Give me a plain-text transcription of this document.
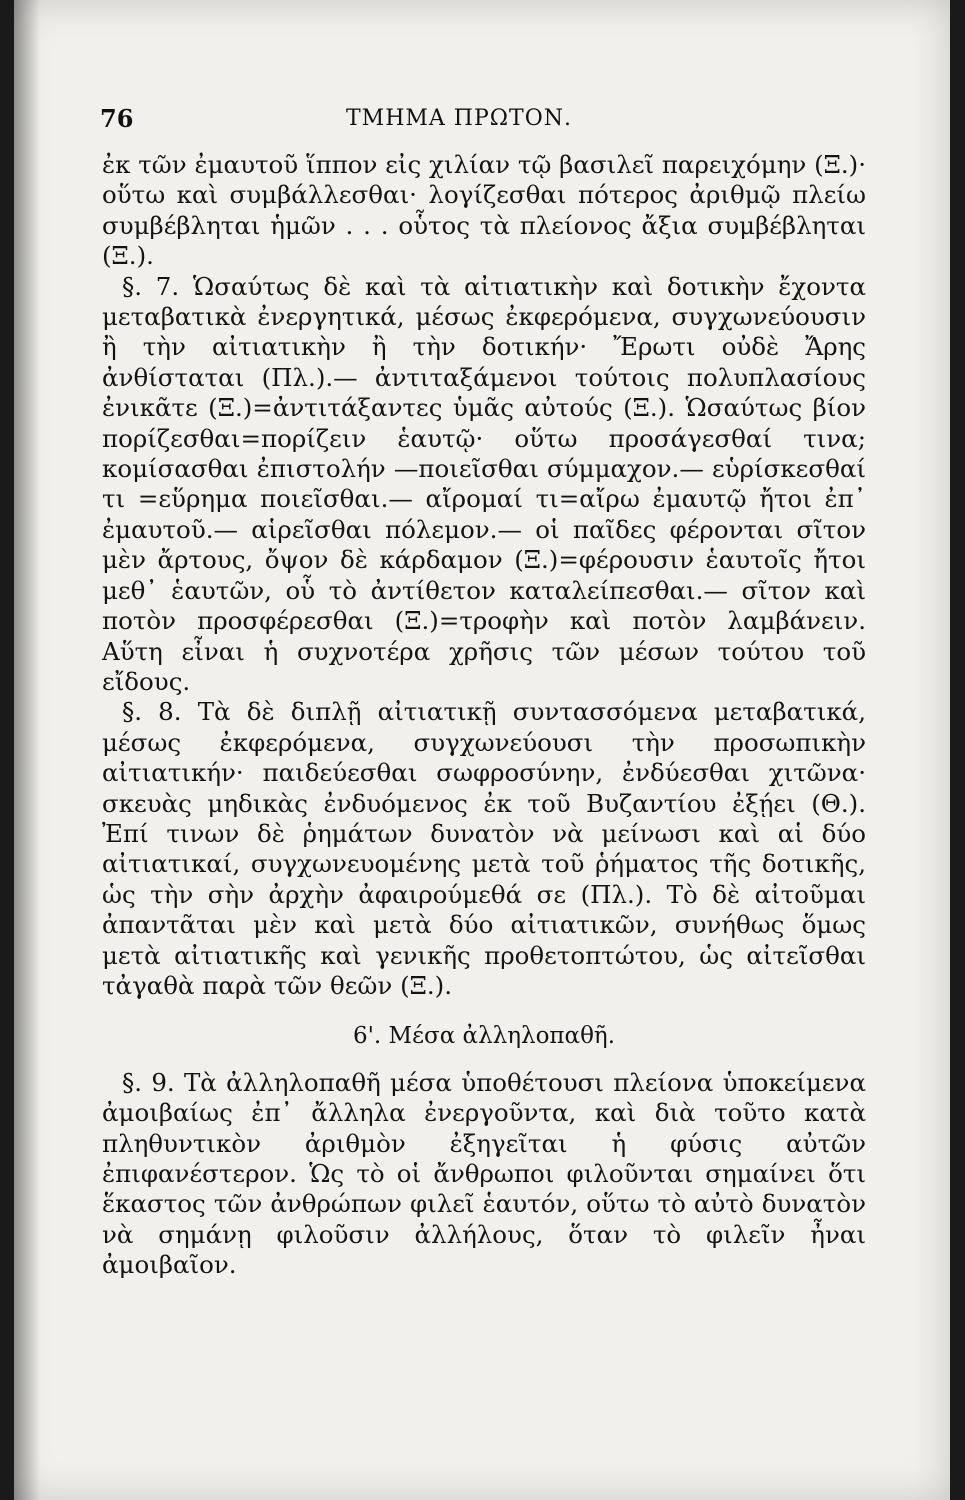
76	ΤΜΗΜΑ ΠΡΩΤΟΝ.

ἐκ τῶν ἐμαυτοῦ ἵππον εἰς χιλίαν τῷ βασιλεῖ παρειχόμην (Ξ.)· οὕτω καὶ συμβάλλεσθαι· λογίζεσθαι πότερος ἀριθμῷ πλείω συμβέβληται ἡμῶν . . . οὗτος τὰ πλείονος ἄξια συμβέβληται (Ξ.).

§. 7. Ὡσαύτως δὲ καὶ τὰ αἰτιατικὴν καὶ δοτικὴν ἔχοντα μεταβατικὰ ἐνεργητικά, μέσως ἐκφερόμενα, συγχωνεύουσιν ἢ τὴν αἰτιατικὴν ἢ τὴν δοτικήν· Ἔρωτι οὐδὲ Ἄρης ἀνθίσταται (Πλ.).— ἀντιταξάμενοι τούτοις πολυπλασίους ἐνικᾶτε (Ξ.)=ἀντιτάξαντες ὑμᾶς αὐτούς (Ξ.). Ὡσαύτως βίον πορίζεσθαι=πορίζειν ἑαυτῷ· οὕτω προσάγεσθαί τινα; κομίσασθαι ἐπιστολήν —ποιεῖσθαι σύμμαχον.— εὑρίσκεσθαί τι =εὕρημα ποιεῖσθαι.— αἴρομαί τι=αἴρω ἐμαυτῷ ἤτοι ἐπ᾽ ἐμαυτοῦ.— αἱρεῖσθαι πόλεμον.— οἱ παῖδες φέρονται σῖτον μὲν ἄρτους, ὄψον δὲ κάρδαμον (Ξ.)=φέρουσιν ἑαυτοῖς ἤτοι μεθ᾽ ἑαυτῶν, οὗ τὸ ἀντίθετον καταλείπεσθαι.— σῖτον καὶ ποτὸν προσφέρεσθαι (Ξ.)=τροφὴν καὶ ποτὸν λαμβάνειν. Αὕτη εἶναι ἡ συχνοτέρα χρῆσις τῶν μέσων τούτου τοῦ εἴδους.

§. 8. Τὰ δὲ διπλῇ αἰτιατικῇ συντασσόμενα μεταβατικά, μέσως ἐκφερόμενα, συγχωνεύουσι τὴν προσωπικὴν αἰτιατικήν· παιδεύεσθαι σωφροσύνην, ἐνδύεσθαι χιτῶνα· σκευὰς μηδικὰς ἐνδυόμενος ἐκ τοῦ Βυζαντίου ἐξῄει (Θ.). Ἐπί τινων δὲ ῥημάτων δυνατὸν νὰ μείνωσι καὶ αἱ δύο αἰτιατικαί, συγχωνευομένης μετὰ τοῦ ῥήματος τῆς δοτικῆς, ὡς τὴν σὴν ἀρχὴν ἀφαιρούμεθά σε (Πλ.). Τὸ δὲ αἰτοῦμαι ἀπαντᾶται μὲν καὶ μετὰ δύο αἰτιατικῶν, συνήθως ὅμως μετὰ αἰτιατικῆς καὶ γενικῆς προθετοπτώτου, ὡς αἰτεῖσθαι τἀγαθὰ παρὰ τῶν θεῶν (Ξ.).

6'. Μέσα ἀλληλοπαθῆ.

§. 9. Τὰ ἀλληλοπαθῆ μέσα ὑποθέτουσι πλείονα ὑποκείμενα ἀμοιβαίως ἐπ᾽ ἄλληλα ἐνεργοῦντα, καὶ διὰ τοῦτο κατὰ πληθυντικὸν ἀριθμὸν ἐξηγεῖται ἡ φύσις αὐτῶν ἐπιφανέστερον. Ὡς τὸ οἱ ἄνθρωποι φιλοῦνται σημαίνει ὅτι ἕκαστος τῶν ἀνθρώπων φιλεῖ ἑαυτόν, οὕτω τὸ αὐτὸ δυνατὸν νὰ σημάνῃ φιλοῦσιν ἀλλήλους, ὅταν τὸ φιλεῖν ἦναι ἀμοιβαῖον.
